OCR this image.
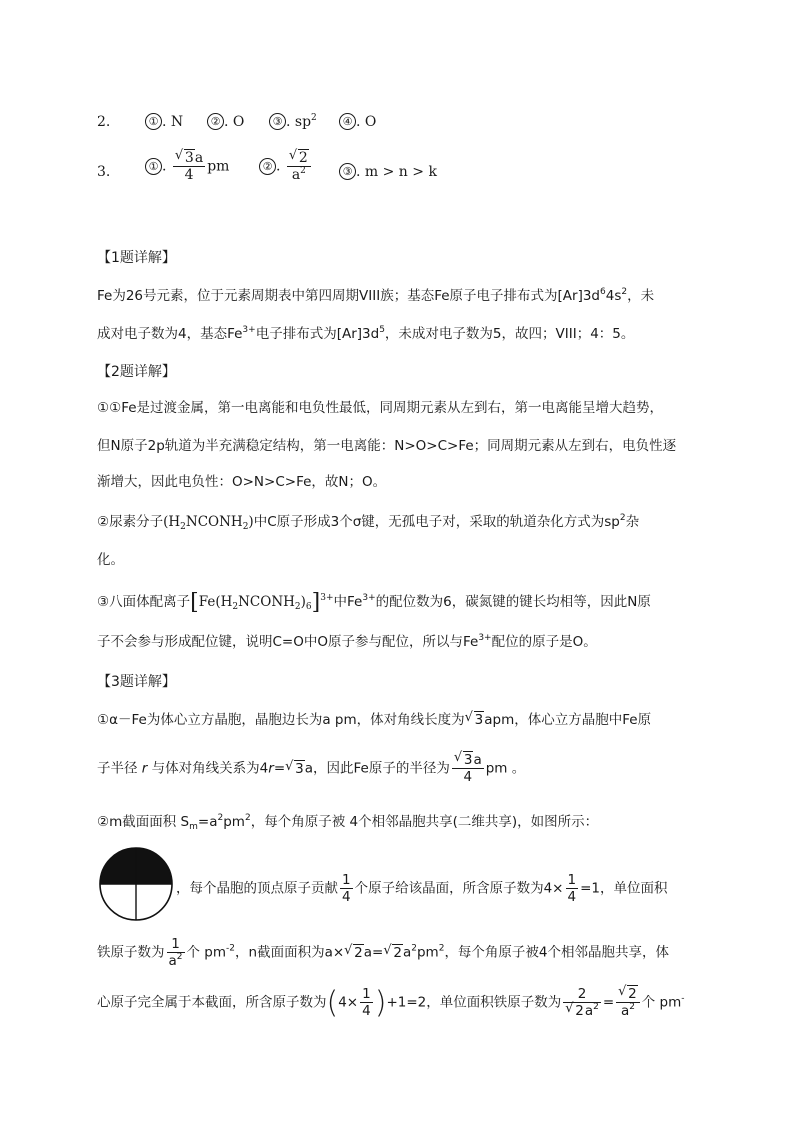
2.	① . N	② . O	③ . $sp^2$	④ . O
3.	① . $\frac{√ 3a}{4}$ pm	② . $\frac{√ 2}{a^2}$	③ . m > n > k
【1题详解】
Fe为26号元素，位于元素周期表中第四周期VIII族；基态Fe原子电子排布式为$[Ar]3d^64s^2$，未
成对电子数为4，基态$Fe^{3+}$电子排布式为$[Ar]3d^5$，未成对电子数为5，故四；VIII；4：5。
【2题详解】
①①Fe是过渡金属，第一电离能和电负性最低，同周期元素从左到右，第一电离能呈增大趋势，
但N原子2p轨道为半充满稳定结构，第一电离能：N>O>C>Fe；同周期元素从左到右，电负性逐
渐增大，因此电负性：O>N>C>Fe，故N；O。
②尿素分子$(H_2NCONH_2)$中C原子形成3个σ键，无孤电子对，采取的轨道杂化方式为$sp^2$杂
化。
③八面体配离子$[Fe(H_2NCONH_2)_6]^{3+}$中$Fe^{3+}$的配位数为6，碳氮键的键长均相等，因此N原
子不会参与形成配位键，说明C=O中O原子参与配位，所以与$Fe^{3+}$配位的原子是O。
【3题详解】
①α－Fe为体心立方晶胞，晶胞边长为a pm，体对角线长度为 √ 3apm，体心立方晶胞中Fe原
子半径 r 与体对角线关系为4r= √ 3a，因此Fe原子的半径为 $\frac{√ 3a}{4}$ pm 。
②m截面面积 $S_m=a^2pm^2$，每个角原子被 4个相邻晶胞共享(二维共享)，如图所示：
，每个晶胞的顶点原子贡献 $\frac{1}{4}$ 个原子给该晶面，所含原子数为$4\times \frac{1}{4} =1$，单位面积
铁原子数为 $\frac{1}{a^2}$ 个 $pm^{-2}$，n截面面积为a× √ 2a= √ $2a^2pm^2$，每个角原子被4个相邻晶胞共享，体
心原子完全属于本截面，所含原子数为$(4\times \frac{1}{4} )+1=2$，单位面积铁原子数为 $\frac{2}{√ 2a^2} = \frac{√ 2}{a^2}$ 个 pm-
